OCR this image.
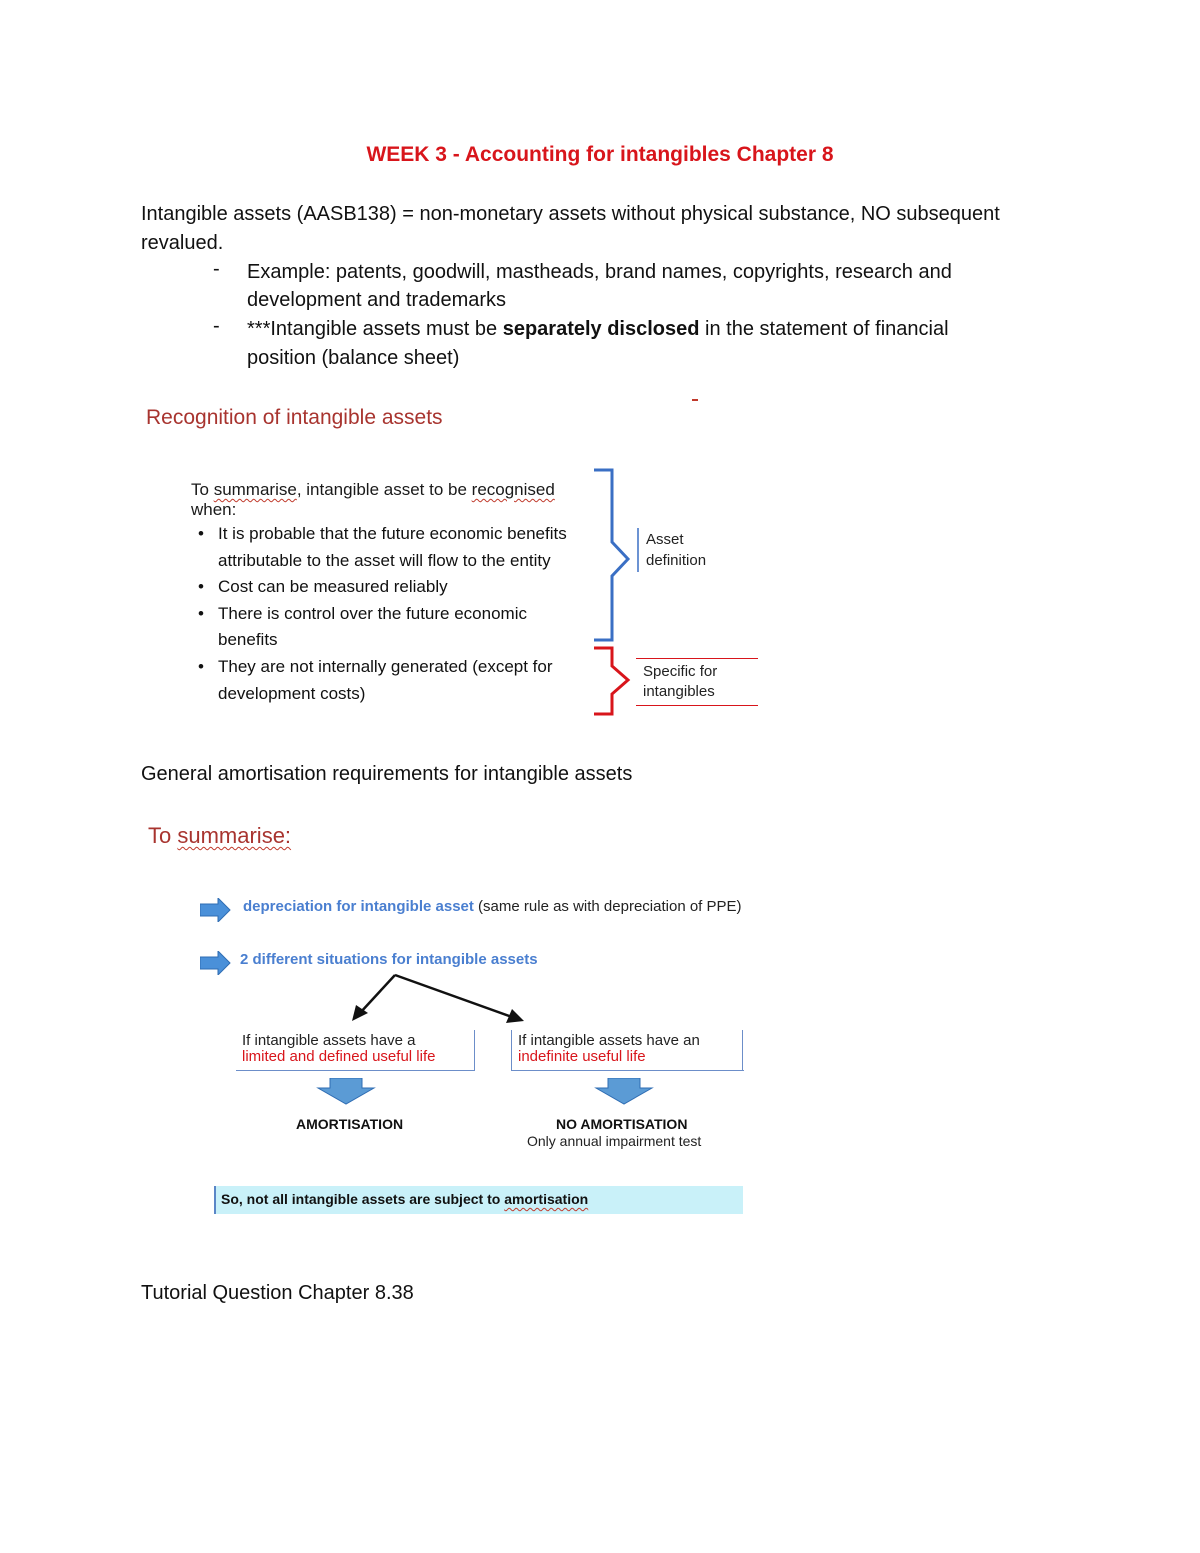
WEEK 3 - Accounting for intangibles Chapter 8
Intangible assets (AASB138) = non-monetary assets without physical substance, NO subsequent
revalued.
- Example: patents, goodwill, mastheads, brand names, copyrights, research and
development and trademarks
- ***Intangible assets must be separately disclosed in the statement of financial
position (balance sheet)
Recognition of intangible assets
To summarise, intangible asset to be recognised
when:
• It is probable that the future economic benefits
attributable to the asset will flow to the entity
• Cost can be measured reliably
• There is control over the future economic
benefits
• They are not internally generated (except for
development costs)
Asset
definition
Specific for
intangibles
General amortisation requirements for intangible assets
To summarise:
depreciation for intangible asset (same rule as with depreciation of PPE)
2 different situations for intangible assets
If intangible assets have a
limited and defined useful life
If intangible assets have an
indefinite useful life
AMORTISATION	NO AMORTISATION
Only annual impairment test
So, not all intangible assets are subject to amortisation
Tutorial Question Chapter 8.38
